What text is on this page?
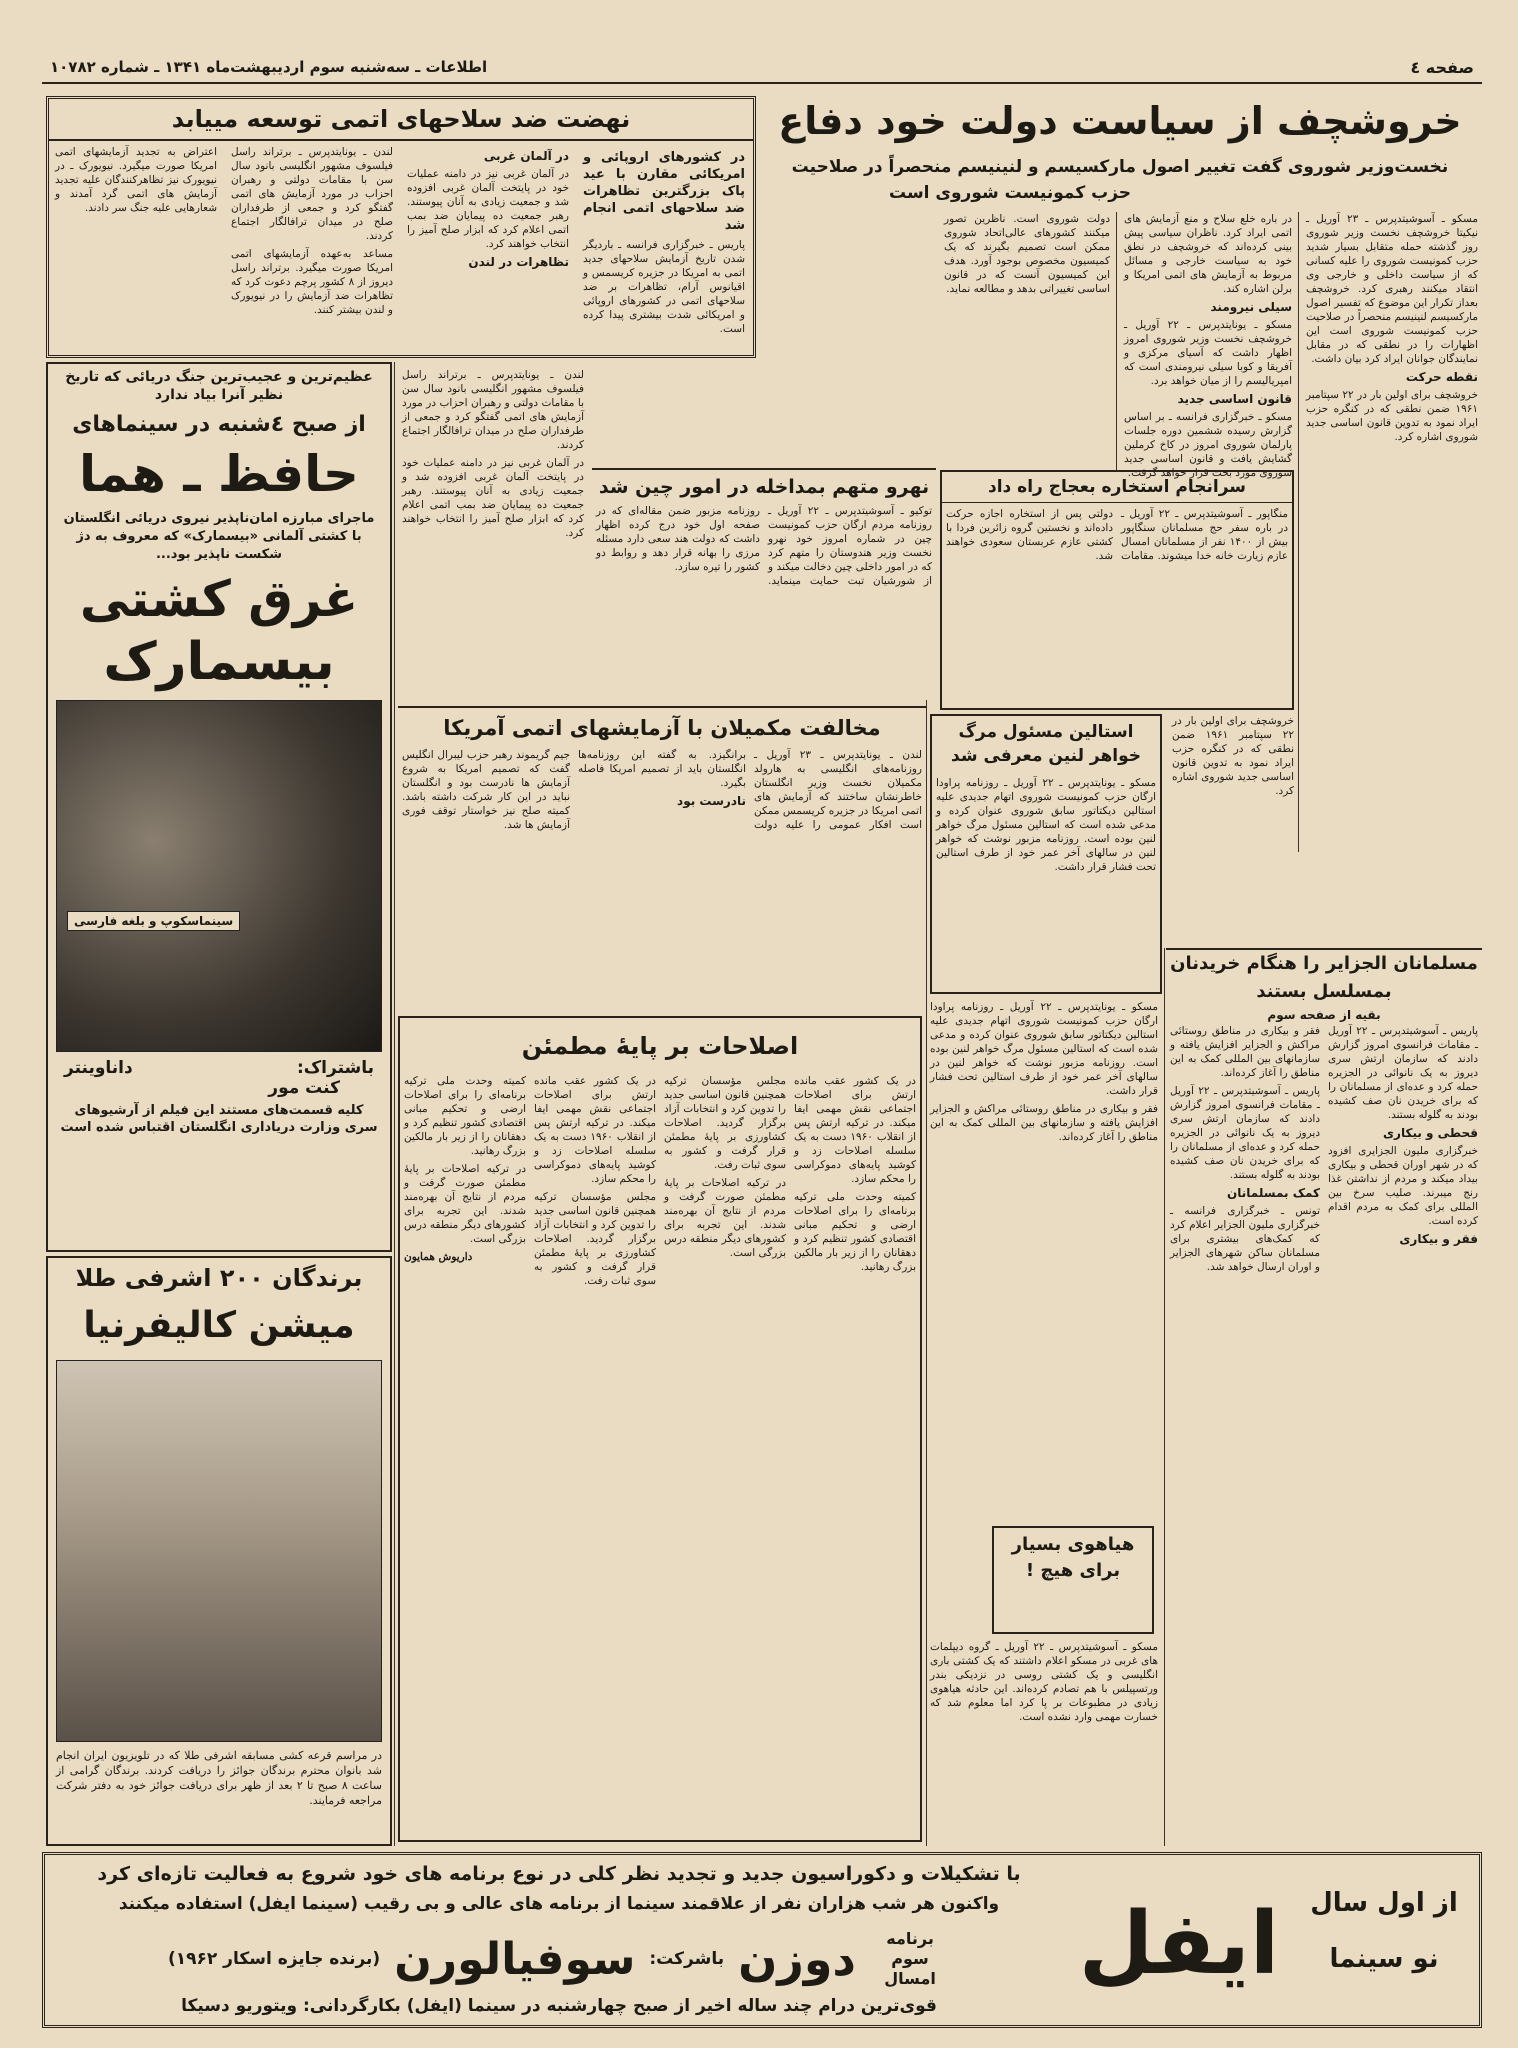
صفحه ٤
اطلاعات ـ سه‌شنبه سوم اردیبهشت‌ماه ۱۳۴۱ ـ شماره ۱۰۷۸۲
خروشچف از سیاست دولت خود دفاع
نخست‌وزیر شوروی گفت تغییر اصول مارکسیسم و لنینیسم منحصراً در صلاحیت
حزب کمونیست شوروی است

مسکو ـ آسوشیتدپرس ـ ۲۳ آوریل ـ نیکیتا خروشچف نخست وزیر شوروی روز گذشته حمله متقابل بسیار شدید حزب کمونیست شوروی را علیه کسانی که از سیاست داخلی و خارجی وی انتقاد میکنند رهبری کرد. خروشچف بعداز تکرار این موضوع که تفسیر اصول مارکسیسم لنینیسم منحصراً در صلاحیت حزب کمونیست شوروی است این اظهارات را در نطقی که در مقابل نمایندگان جوانان ایراد کرد بیان داشت.

نقطه حرکت

خروشچف برای اولین بار در ۲۲ سپتامبر ۱۹۶۱ ضمن نطقی که در کنگره حزب ایراد نمود به تدوین قانون اساسی جدید شوروی اشاره کرد.

در باره خلع سلاح و منع آزمایش های اتمی ایراد کرد. ناظران سیاسی پیش بینی کرده‌اند که خروشچف در نطق خود به سیاست خارجی و مسائل مربوط به آزمایش های اتمی امریکا و برلن اشاره کند.

سیلی نیرومند

مسکو ـ یونایتدپرس ـ ۲۲ آوریل ـ خروشچف نخست وزیر شوروی امروز اظهار داشت که آسیای مرکزی و آفریقا و کوبا سیلی نیرومندی است که امپریالیسم را از میان خواهد برد.

قانون اساسی جدید

مسکو ـ خبرگزاری فرانسه ـ بر اساس گزارش رسیده ششمین دوره جلسات پارلمان شوروی امروز در کاخ کرملین گشایش یافت و قانون اساسی جدید شوروی مورد بحث قرار خواهد گرفت.

دولت شوروی است. ناظرین تصور میکنند کشورهای عالی‌اتحاد شوروی ممکن است تصمیم بگیرند که یک کمیسیون مخصوص بوجود آورد. هدف این کمیسیون آنست که در قانون اساسی تغییراتی بدهد و مطالعه نماید.

نهضت ضد سلاحهای اتمی توسعه مییابد
در کشورهای اروپائی و امریکائی مقارن با عید پاک بزرگترین تظاهرات ضد سلاحهای اتمی انجام شد

پاریس ـ خبرگزاری فرانسه ـ باردیگر شدن تاریخ آزمایش سلاحهای جدید اتمی به امریکا در جزیره کریسمس و اقیانوس آرام، تظاهرات بر ضد سلاحهای اتمی در کشورهای اروپائی و امریکائی شدت بیشتری پیدا کرده است.

در آلمان غربی

در آلمان غربی نیز در دامنه عملیات خود در پایتخت آلمان غربی افزوده شد و جمعیت زیادی به آنان پیوستند. رهبر جمعیت ده پیمایان ضد بمب اتمی اعلام کرد که ابزار صلح آمیز را انتخاب خواهند کرد.

تظاهرات در لندن

لندن ـ یونایتدپرس ـ برتراند راسل فیلسوف مشهور انگلیسی بانود سال سن با مقامات دولتی و رهبران احزاب در مورد آزمایش های اتمی گفتگو کرد و جمعی از طرفداران صلح در میدان ترافالگار اجتماع کردند.

مساعد به‌عهده آزمایشهای اتمی امریکا صورت میگیرد. برتراند راسل دیروز از ۸ کشور پرچم دعوت کرد که تظاهرات ضد آزمایش را در نیویورک و لندن بیشتر کنند.

اعتراض به تجدید آزمایشهای اتمی امریکا صورت میگیرد. نیویورک ـ در نیویورک نیز تظاهرکنندگان علیه تجدید آزمایش های اتمی گرد آمدند و شعارهایی علیه جنگ سر دادند.

نهرو متهم بمداخله در امور چین شد
توکیو ـ آسوشیتدپرس ـ ۲۲ آوریل ـ روزنامه مردم ارگان حزب کمونیست چین در شماره امروز خود نهرو نخست وزیر هندوستان را متهم کرد که در امور داخلی چین دخالت میکند و از شورشیان تبت حمایت مینماید. روزنامه مزبور ضمن مقاله‌ای که در صفحه اول خود درج کرده اظهار داشت که دولت هند سعی دارد مسئله مرزی را بهانه قرار دهد و روابط دو کشور را تیره سازد.
سرانجام استخاره بعجاج راه داد
منگاپور ـ آسوشیتدپرس ـ ۲۲ آوریل ـ در باره سفر حج مسلمانان سنگاپور بیش از ۱۴۰۰ نفر از مسلمانان امسال عازم زیارت خانه خدا میشوند. مقامات دولتی پس از استخاره اجازه حرکت داده‌اند و نخستین گروه زائرین فردا با کشتی عازم عربستان سعودی خواهند شد.
استالین مسئول مرگ خواهر لنین معرفی شد
مسکو ـ یونایتدپرس ـ ۲۲ آوریل ـ روزنامه پراودا ارگان حزب کمونیست شوروی اتهام جدیدی علیه استالین دیکتاتور سابق شوروی عنوان کرده و مدعی شده است که استالین مسئول مرگ خواهر لنین بوده است. روزنامه مزبور نوشت که خواهر لنین در سالهای آخر عمر خود از طرف استالین تحت فشار قرار داشت.

خروشچف برای اولین بار در ۲۲ سپتامبر ۱۹۶۱ ضمن نطقی که در کنگره حزب ایراد نمود به تدوین قانون اساسی جدید شوروی اشاره کرد.

مخالفت مکمیلان با آزمایشهای اتمی آمریکا

لندن ـ یونایتدپرس ـ ۲۳ آوریل ـ روزنامه‌های انگلیسی به هارولد مکمیلان نخست وزیر انگلستان خاطرنشان ساختند که آزمایش های اتمی امریکا در جزیره کریسمس ممکن است افکار عمومی را علیه دولت برانگیزد. به گفته این روزنامه‌ها انگلستان باید از تصمیم امریکا فاصله بگیرد.

نادرست بود

جیم گریموند رهبر حزب لیبرال انگلیس گفت که تصمیم امریکا به شروع آزمایش ها نادرست بود و انگلستان نباید در این کار شرکت داشته باشد. کمیته صلح نیز خواستار توقف فوری آزمایش ها شد.

لندن ـ یونایتدپرس ـ برتراند راسل فیلسوف مشهور انگلیسی بانود سال سن با مقامات دولتی و رهبران احزاب در مورد آزمایش های اتمی گفتگو کرد و جمعی از طرفداران صلح در میدان ترافالگار اجتماع کردند.

در آلمان غربی نیز در دامنه عملیات خود در پایتخت آلمان غربی افزوده شد و جمعیت زیادی به آنان پیوستند. رهبر جمعیت ده پیمایان ضد بمب اتمی اعلام کرد که ابزار صلح آمیز را انتخاب خواهند کرد.

اصلاحات بر پایهٔ مطمئن

در یک کشور عقب مانده ارتش برای اصلاحات اجتماعی نقش مهمی ایفا میکند. در ترکیه ارتش پس از انقلاب ۱۹۶۰ دست به یک سلسله اصلاحات زد و کوشید پایه‌های دموکراسی را محکم سازد.

کمیته وحدت ملی ترکیه برنامه‌ای را برای اصلاحات ارضی و تحکیم مبانی اقتصادی کشور تنظیم کرد و دهقانان را از زیر بار مالکین بزرگ رهانید.

مجلس مؤسسان ترکیه همچنین قانون اساسی جدید را تدوین کرد و انتخابات آزاد برگزار گردید. اصلاحات کشاورزی بر پایهٔ مطمئن قرار گرفت و کشور به سوی ثبات رفت.

در ترکیه اصلاحات بر پایهٔ مطمئن صورت گرفت و مردم از نتایج آن بهره‌مند شدند. این تجربه برای کشورهای دیگر منطقه درس بزرگی است.

در یک کشور عقب مانده ارتش برای اصلاحات اجتماعی نقش مهمی ایفا میکند. در ترکیه ارتش پس از انقلاب ۱۹۶۰ دست به یک سلسله اصلاحات زد و کوشید پایه‌های دموکراسی را محکم سازد.

مجلس مؤسسان ترکیه همچنین قانون اساسی جدید را تدوین کرد و انتخابات آزاد برگزار گردید. اصلاحات کشاورزی بر پایهٔ مطمئن قرار گرفت و کشور به سوی ثبات رفت.

کمیته وحدت ملی ترکیه برنامه‌ای را برای اصلاحات ارضی و تحکیم مبانی اقتصادی کشور تنظیم کرد و دهقانان را از زیر بار مالکین بزرگ رهانید.

در ترکیه اصلاحات بر پایهٔ مطمئن صورت گرفت و مردم از نتایج آن بهره‌مند شدند. این تجربه برای کشورهای دیگر منطقه درس بزرگی است.

داریوش همایون

مسکو ـ یونایتدپرس ـ ۲۲ آوریل ـ روزنامه پراودا ارگان حزب کمونیست شوروی اتهام جدیدی علیه استالین دیکتاتور سابق شوروی عنوان کرده و مدعی شده است که استالین مسئول مرگ خواهر لنین بوده است. روزنامه مزبور نوشت که خواهر لنین در سالهای آخر عمر خود از طرف استالین تحت فشار قرار داشت.

فقر و بیکاری در مناطق روستائی مراکش و الجزایر افزایش یافته و سازمانهای بین المللی کمک به این مناطق را آغاز کرده‌اند.

هیاهوی بسیار برای هیچ !

مسکو ـ آسوشیتدپرس ـ ۲۲ آوریل ـ گروه دیپلمات های غربی در مسکو اعلام داشتند که یک کشتی باری انگلیسی و یک کشتی روسی در نزدیکی بندر ورتسپیلس با هم تصادم کرده‌اند. این حادثه هیاهوی زیادی در مطبوعات بر پا کرد اما معلوم شد که خسارت مهمی وارد نشده است.

مسلمانان الجزایر را هنگام خریدنان بمسلسل بستند
بقیه از صفحه سوم

پاریس ـ آسوشیتدپرس ـ ۲۲ آوریل ـ مقامات فرانسوی امروز گزارش دادند که سازمان ارتش سری دیروز به یک نانوائی در الجزیره حمله کرد و عده‌ای از مسلمانان را که برای خریدن نان صف کشیده بودند به گلوله بستند.

قحطی و بیکاری

خبرگزاری ملیون الجزایری افزود که در شهر اوران قحطی و بیکاری بیداد میکند و مردم از نداشتن غذا رنج میبرند. صلیب سرخ بین المللی برای کمک به مردم اقدام کرده است.

فقر و بیکاری

فقر و بیکاری در مناطق روستائی مراکش و الجزایر افزایش یافته و سازمانهای بین المللی کمک به این مناطق را آغاز کرده‌اند.

پاریس ـ آسوشیتدپرس ـ ۲۲ آوریل ـ مقامات فرانسوی امروز گزارش دادند که سازمان ارتش سری دیروز به یک نانوائی در الجزیره حمله کرد و عده‌ای از مسلمانان را که برای خریدن نان صف کشیده بودند به گلوله بستند.

کمک بمسلمانان

تونس ـ خبرگزاری فرانسه ـ خبرگزاری ملیون الجزایر اعلام کرد که کمک‌های بیشتری برای مسلمانان ساکن شهرهای الجزایر و اوران ارسال خواهد شد.

عظیم‌ترین و عجیب‌ترین جنگ دریائی که تاریخ نظیر آنرا بیاد ندارد
از صبح ٤شنبه در سینماهای
حافظ ـ هما
ماجرای مبارزه امان‌ناپذیر نیروی دریائی انگلستان با کشتی آلمانی «بیسمارک» که معروف به دژ شکست ناپذیر بود...
غرق کشتی
بیسمارک
سینماسکوپ و بلغه فارسی
باشتراک:
داناوینتر
کنت مور
کلیه قسمت‌های مستند این فیلم از آرشیوهای سری وزارت دریاداری انگلستان اقتباس شده است
برندگان ۲۰۰ اشرفی طلا
میشن کالیفرنیا
در مراسم قرعه کشی مسابقه اشرفی طلا که در تلویزیون ایران انجام شد بانوان محترم برندگان جوائز را دریافت کردند. برندگان گرامی از ساعت ۸ صبح تا ۲ بعد از ظهر برای دریافت جوائز خود به دفتر شرکت مراجعه فرمایند.
از اول سال
نو سینما
ایفل
با تشکیلات و دکوراسیون جدید و تجدید نظر کلی در نوع برنامه های خود شروع به فعالیت تازه‌ای کرد
واکنون هر شب هزاران نفر از علاقمند سینما از برنامه های عالی و بی رقیب (سینما ایفل) استفاده میکنند
برنامه سوم امسال
دوزن
باشرکت:
سوفیالورن
(برنده جایزه اسکار ۱۹۶۲)
قوی‌ترین درام چند ساله اخیر از صبح چهارشنبه در سینما (ایفل) بکارگردانی: ویتوریو دسیکا
